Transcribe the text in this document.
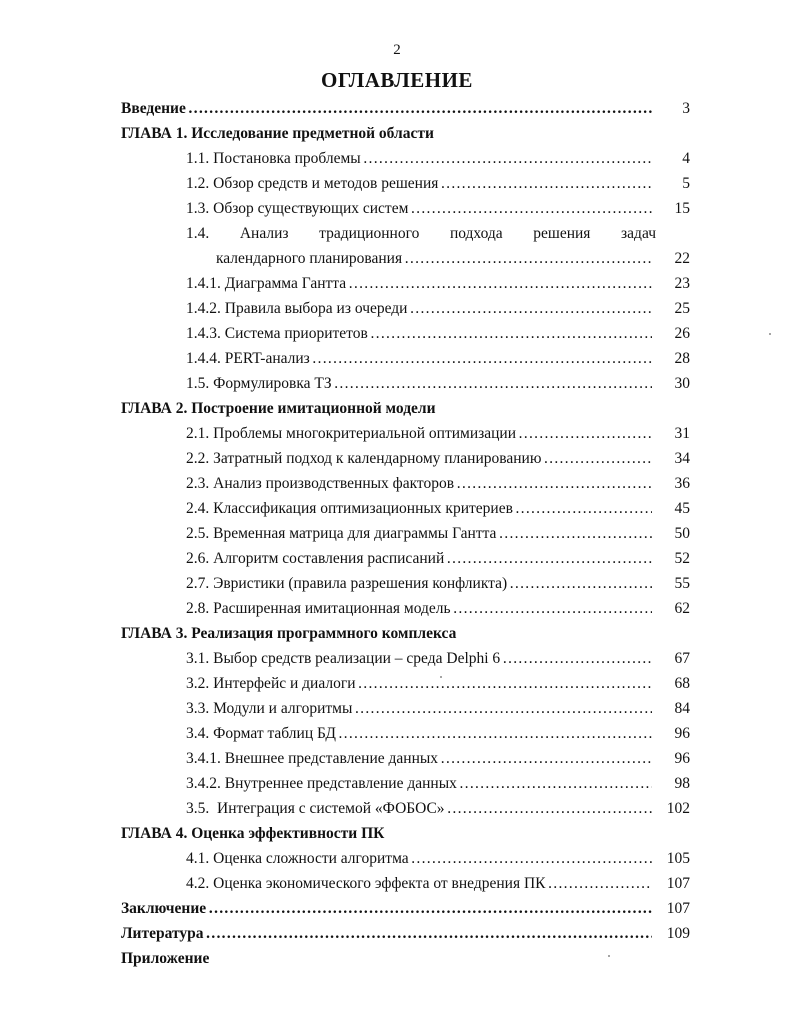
2
ОГЛАВЛЕНИЕ
Введение ………………………………………………………………………………………………………………………………………………………………………………………………………	3
ГЛАВА 1. Исследование предметной области
1.1. Постановка проблемы ………………………………………………………………………………………………………………………………………………………………………………………………………	4
1.2. Обзор средств и методов решения ………………………………………………………………………………………………………………………………………………………………………………………………………	5
1.3. Обзор существующих систем ………………………………………………………………………………………………………………………………………………………………………………………………………	15
1.4. Анализ традиционного подхода решения задач
календарного планирования ………………………………………………………………………………………………………………………………………………………………………………………………………	22
1.4.1. Диаграмма Гантта ………………………………………………………………………………………………………………………………………………………………………………………………………	23
1.4.2. Правила выбора из очереди ………………………………………………………………………………………………………………………………………………………………………………………………………	25
1.4.3. Система приоритетов ………………………………………………………………………………………………………………………………………………………………………………………………………	26
1.4.4. PERT-анализ ………………………………………………………………………………………………………………………………………………………………………………………………………	28
1.5. Формулировка ТЗ ………………………………………………………………………………………………………………………………………………………………………………………………………	30
ГЛАВА 2. Построение имитационной модели
2.1. Проблемы многокритериальной оптимизации ………………………………………………………………………………………………………………………………………………………………………………………………………	31
2.2. Затратный подход к календарному планированию ………………………………………………………………………………………………………………………………………………………………………………………………………	34
2.3. Анализ производственных факторов ………………………………………………………………………………………………………………………………………………………………………………………………………	36
2.4. Классификация оптимизационных критериев ………………………………………………………………………………………………………………………………………………………………………………………………………	45
2.5. Временная матрица для диаграммы Гантта ………………………………………………………………………………………………………………………………………………………………………………………………………	50
2.6. Алгоритм составления расписаний ………………………………………………………………………………………………………………………………………………………………………………………………………	52
2.7. Эвристики (правила разрешения конфликта) ………………………………………………………………………………………………………………………………………………………………………………………………………	55
2.8. Расширенная имитационная модель ………………………………………………………………………………………………………………………………………………………………………………………………………	62
ГЛАВА 3. Реализация программного комплекса
3.1. Выбор средств реализации – среда Delphi 6 ………………………………………………………………………………………………………………………………………………………………………………………………………	67
3.2. Интерфейс и диалоги ………………………………………………………………………………………………………………………………………………………………………………………………………	68
3.3. Модули и алгоритмы ………………………………………………………………………………………………………………………………………………………………………………………………………	84
3.4. Формат таблиц БД ………………………………………………………………………………………………………………………………………………………………………………………………………	96
3.4.1. Внешнее представление данных ………………………………………………………………………………………………………………………………………………………………………………………………………	96
3.4.2. Внутреннее представление данных ………………………………………………………………………………………………………………………………………………………………………………………………………	98
3.5.  Интеграция с системой «ФОБОС» ………………………………………………………………………………………………………………………………………………………………………………………………………	102
ГЛАВА 4. Оценка эффективности ПК
4.1. Оценка сложности алгоритма ………………………………………………………………………………………………………………………………………………………………………………………………………	105
4.2. Оценка экономического эффекта от внедрения ПК ………………………………………………………………………………………………………………………………………………………………………………………………………	107
Заключение ………………………………………………………………………………………………………………………………………………………………………………………………………	107
Литература ………………………………………………………………………………………………………………………………………………………………………………………………………	109
Приложение
